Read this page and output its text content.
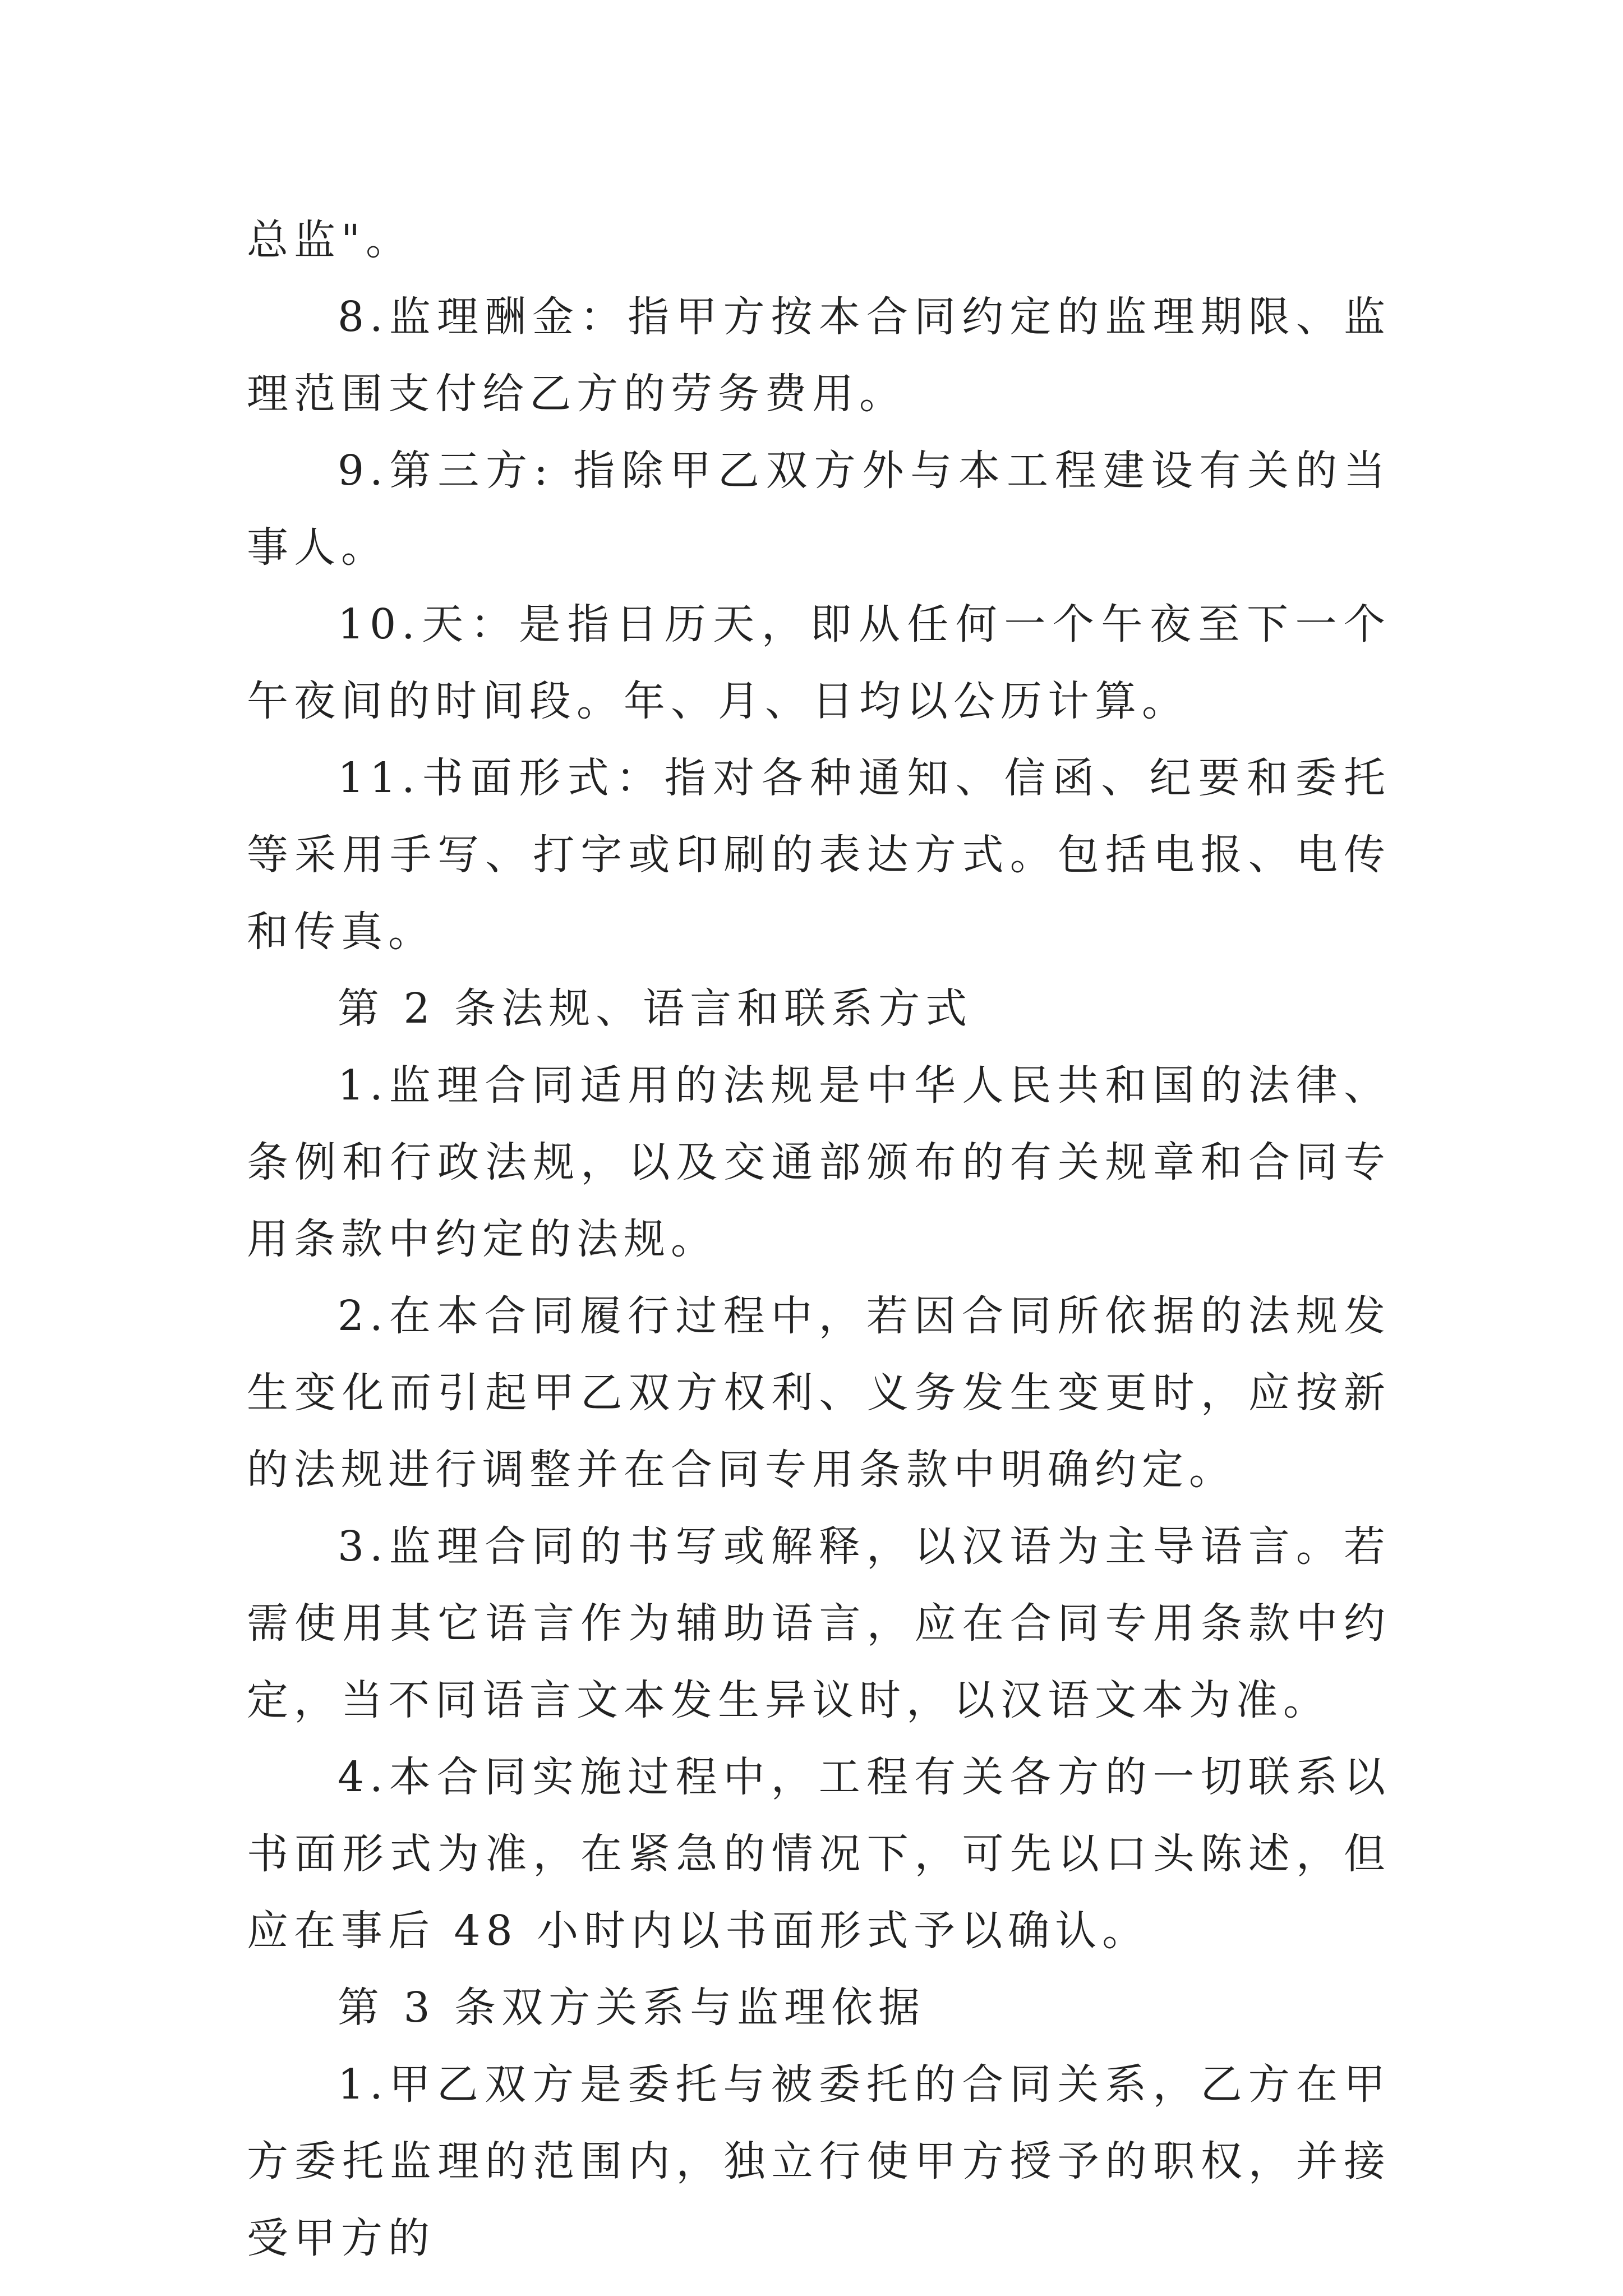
总监"。

8.监理酬金：指甲方按本合同约定的监理期限、监理范围支付给乙方的劳务费用。

9.第三方: 指除甲乙双方外与本工程建设有关的当事人。

10.天：是指日历天，即从任何一个午夜至下一个午夜间的时间段。年、月、日均以公历计算。

11.书面形式：指对各种通知、信函、纪要和委托等采用手写、打字或印刷的表达方式。包括电报、电传和传真。

第 2 条法规、语言和联系方式

1.监理合同适用的法规是中华人民共和国的法律、条例和行政法规，以及交通部颁布的有关规章和合同专用条款中约定的法规。

2.在本合同履行过程中，若因合同所依据的法规发生变化而引起甲乙双方权利、义务发生变更时，应按新的法规进行调整并在合同专用条款中明确约定。

3.监理合同的书写或解释，以汉语为主导语言。若需使用其它语言作为辅助语言，应在合同专用条款中约定，当不同语言文本发生异议时，以汉语文本为准。

4.本合同实施过程中，工程有关各方的一切联系以书面形式为准，在紧急的情况下，可先以口头陈述，但应在事后 48 小时内以书面形式予以确认。

第 3 条双方关系与监理依据

1.甲乙双方是委托与被委托的合同关系，乙方在甲方委托监理的范围内，独立行使甲方授予的职权，并接受甲方的
